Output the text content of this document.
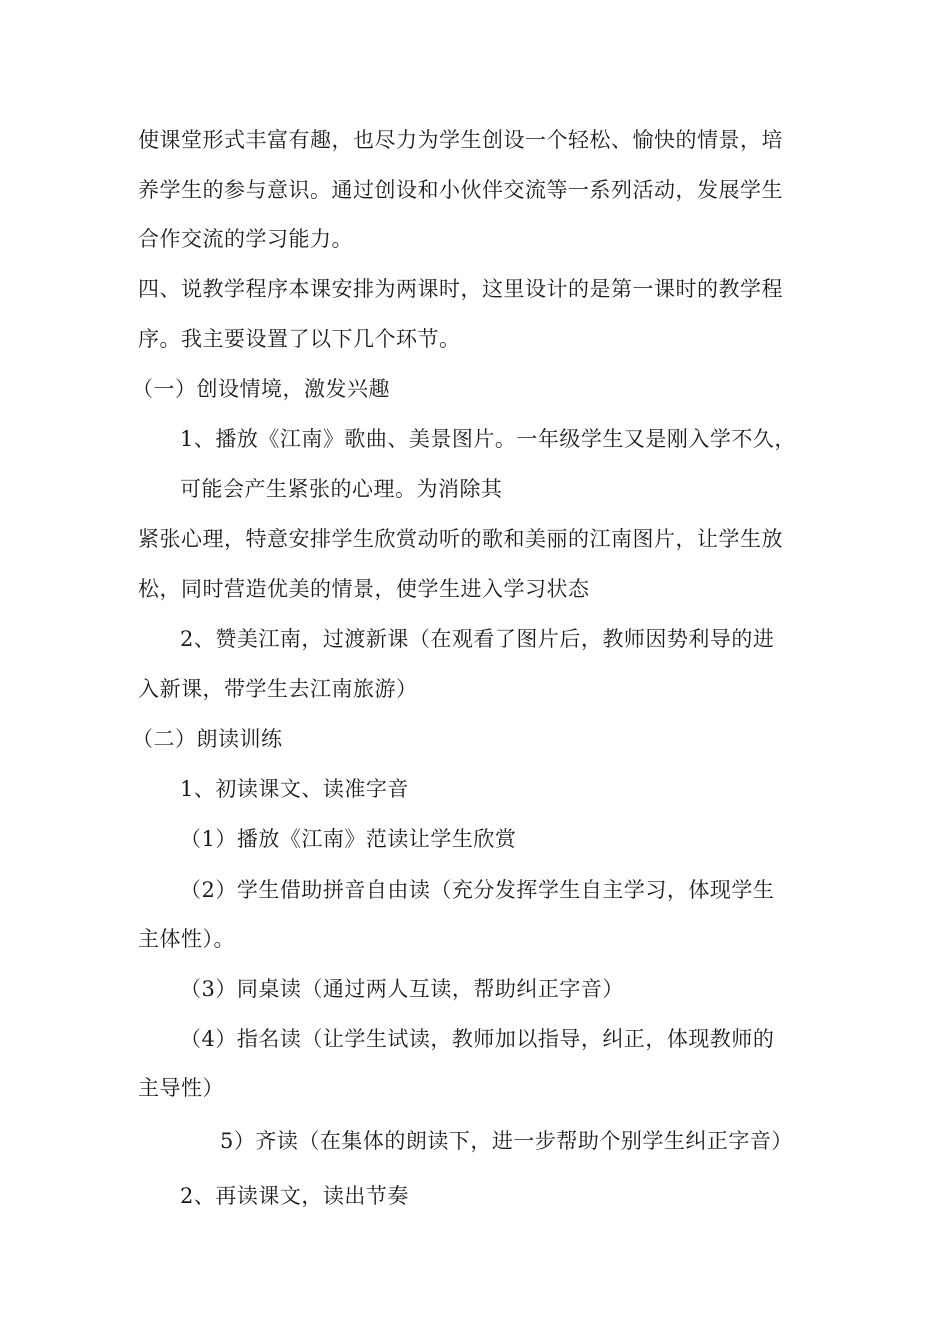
使课堂形式丰富有趣，也尽力为学生创设一个轻松、愉快的情景，培
养学生的参与意识。通过创设和小伙伴交流等一系列活动，发展学生
合作交流的学习能力。
四、说教学程序本课安排为两课时，这里设计的是第一课时的教学程
序。我主要设置了以下几个环节。
（一）创设情境，激发兴趣
1、播放《江南》歌曲、美景图片。一年级学生又是刚入学不久，
可能会产生紧张的心理。为消除其
紧张心理，特意安排学生欣赏动听的歌和美丽的江南图片，让学生放
松，同时营造优美的情景，使学生进入学习状态
2、赞美江南，过渡新课（在观看了图片后，教师因势利导的进
入新课，带学生去江南旅游）
（二）朗读训练
1、初读课文、读准字音
（1）播放《江南》范读让学生欣赏
（2）学生借助拼音自由读（充分发挥学生自主学习，体现学生
主体性）。
（3）同桌读（通过两人互读，帮助纠正字音）
（4）指名读（让学生试读，教师加以指导，纠正，体现教师的
主导性）
5）齐读（在集体的朗读下，进一步帮助个别学生纠正字音）
2、再读课文，读出节奏
